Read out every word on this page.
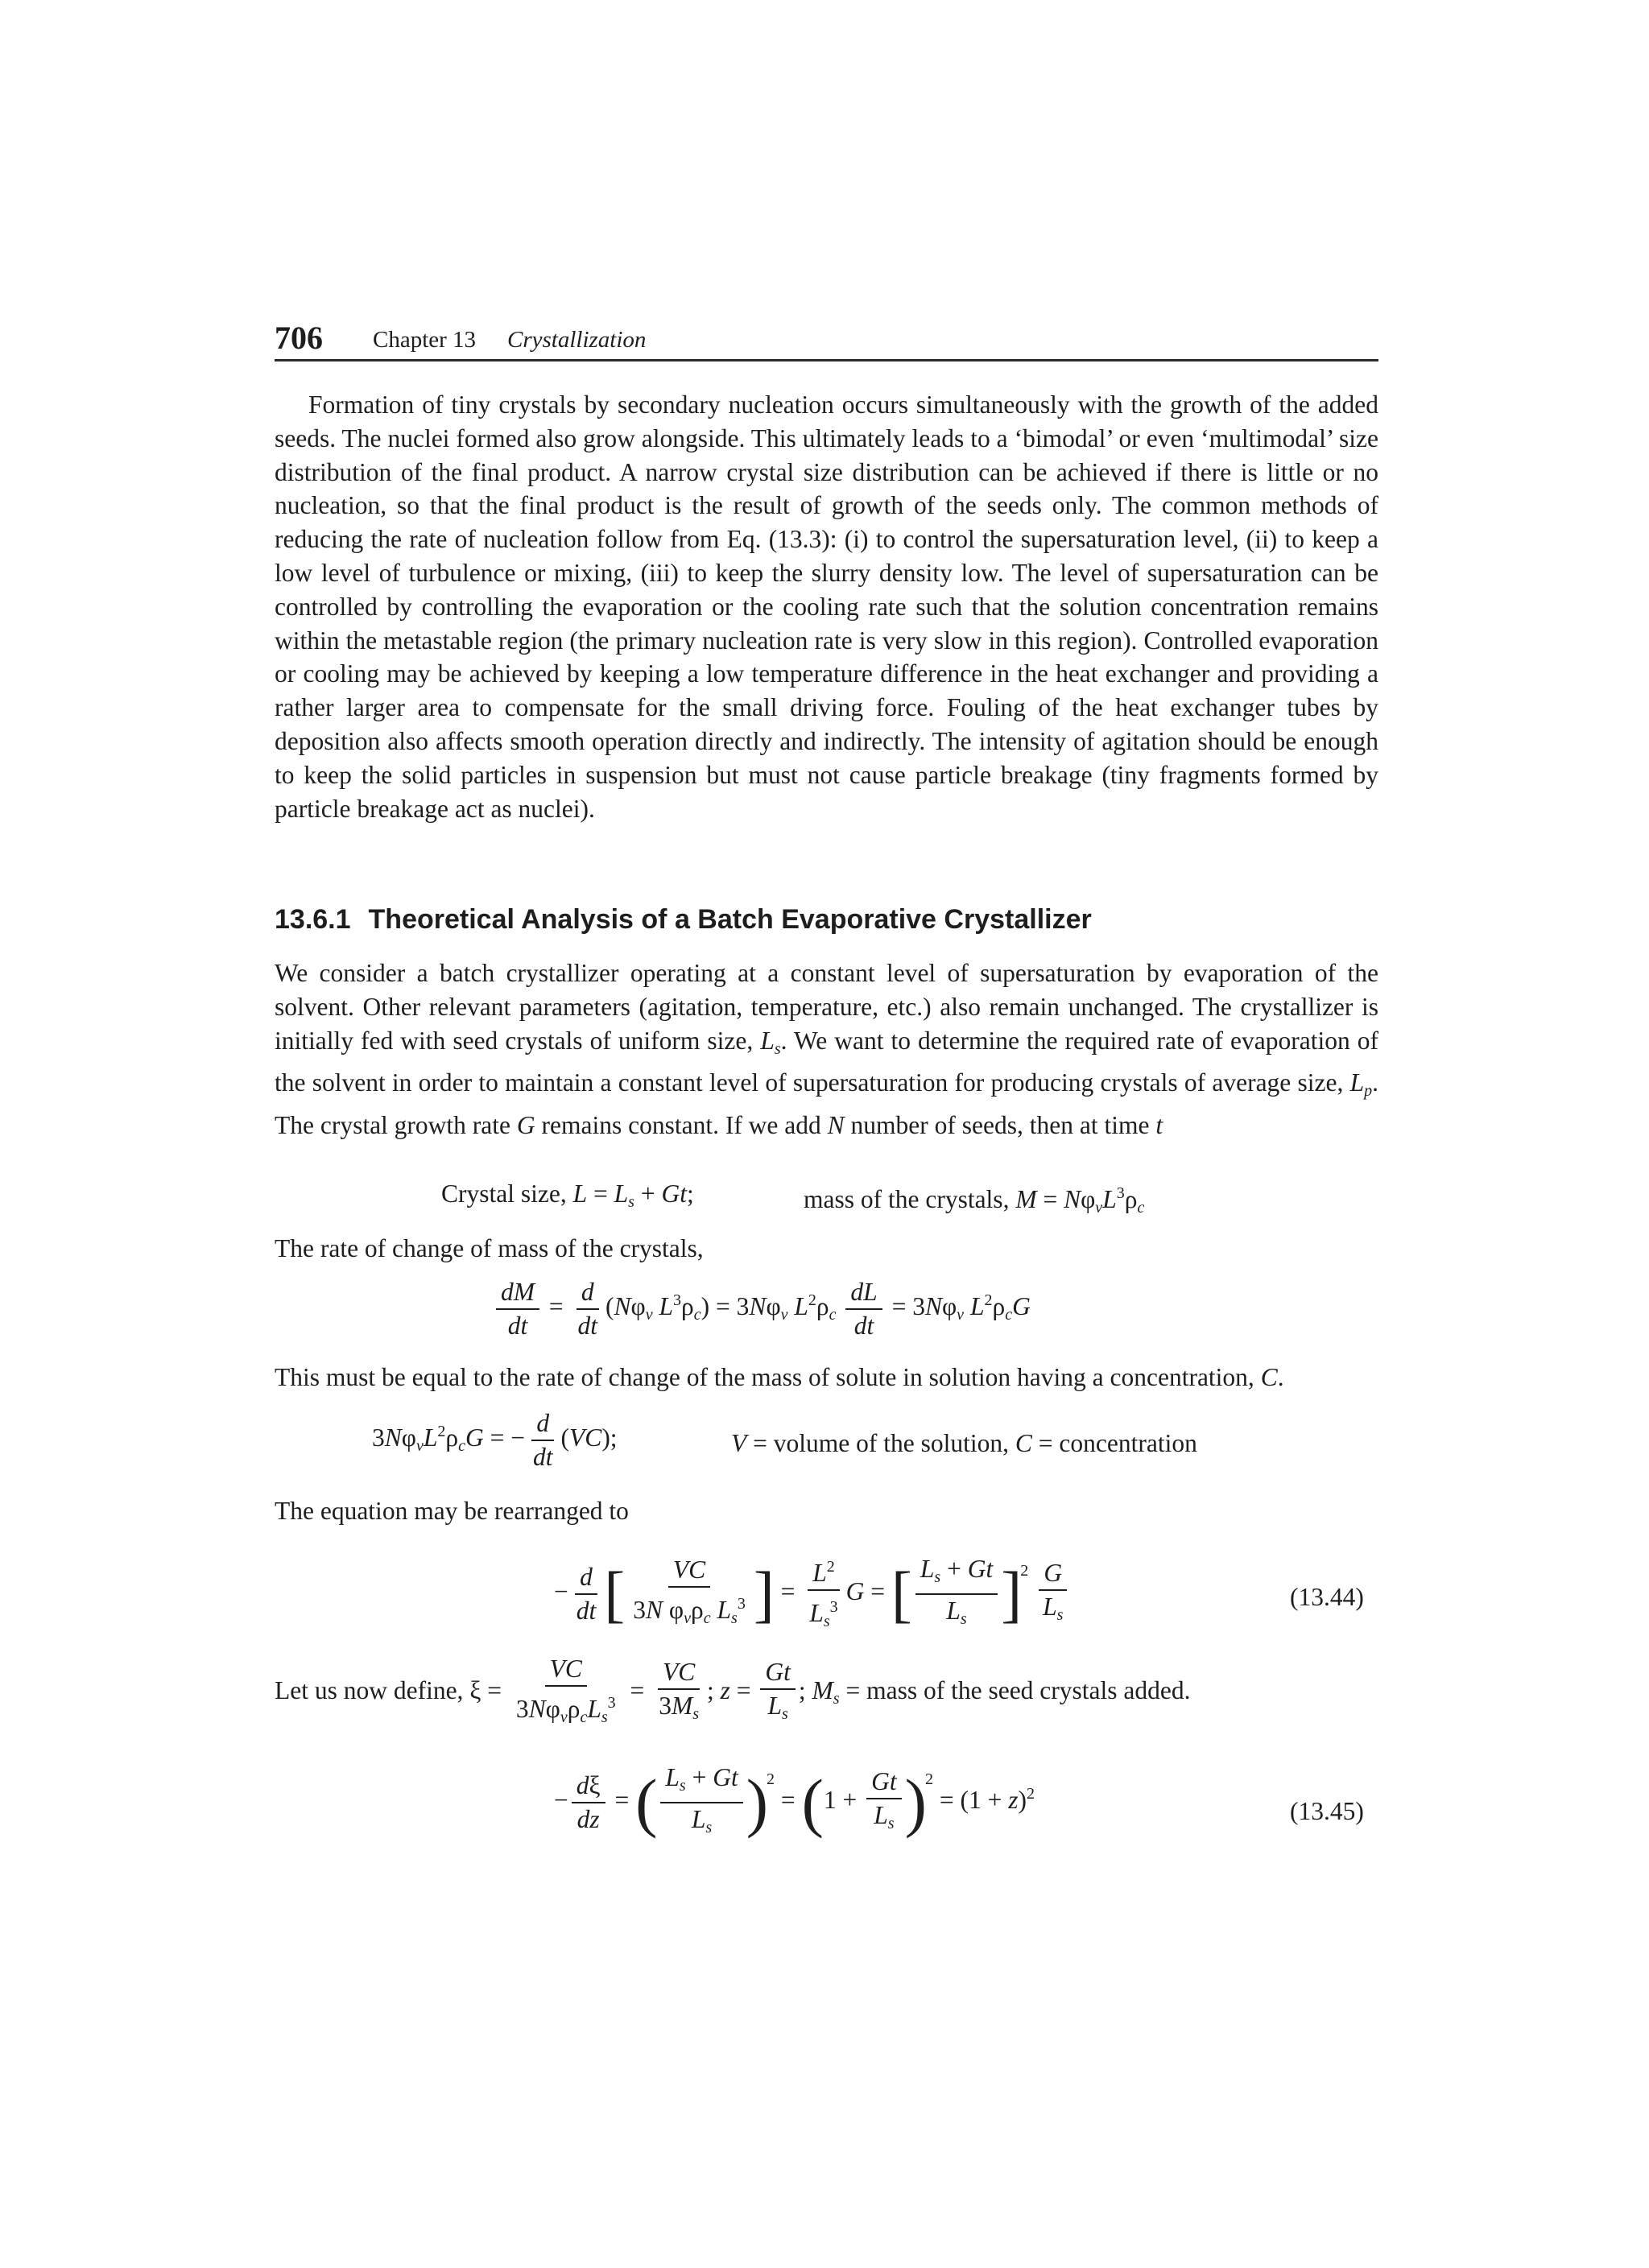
706 Chapter 13 Crystallization

Formation of tiny crystals by secondary nucleation occurs simultaneously with the growth of the added seeds. The nuclei formed also grow alongside. This ultimately leads to a ‘bimodal’ or even ‘multimodal’ size distribution of the final product. A narrow crystal size distribution can be achieved if there is little or no nucleation, so that the final product is the result of growth of the seeds only. The common methods of reducing the rate of nucleation follow from Eq. (13.3): (i) to control the supersaturation level, (ii) to keep a low level of turbulence or mixing, (iii) to keep the slurry density low. The level of supersaturation can be controlled by controlling the evaporation or the cooling rate such that the solution concentration remains within the metastable region (the primary nucleation rate is very slow in this region). Controlled evaporation or cooling may be achieved by keeping a low temperature difference in the heat exchanger and providing a rather larger area to compensate for the small driving force. Fouling of the heat exchanger tubes by deposition also affects smooth operation directly and indirectly. The intensity of agitation should be enough to keep the solid particles in suspension but must not cause particle breakage (tiny fragments formed by particle breakage act as nuclei).

13.6.1 Theoretical Analysis of a Batch Evaporative Crystallizer

We consider a batch crystallizer operating at a constant level of supersaturation by evaporation of the solvent. Other relevant parameters (agitation, temperature, etc.) also remain unchanged. The crystallizer is initially fed with seed crystals of uniform size, $L_s$. We want to determine the required rate of evaporation of the solvent in order to maintain a constant level of supersaturation for producing crystals of average size, $L_p$. The crystal growth rate G remains constant. If we add N number of seeds, then at time t

Crystal size, $L = L_s + Gt$;	mass of the crystals, $M = N\varphi_vL^3\rho_c$
The rate of change of mass of the crystals,
$\frac{dM}{dt} = \frac{d}{dt} (N\varphi_v$ $L^3\rho_c) = 3N\varphi_v$ $L^2\rho_c \frac{dL}{dt} = 3N\varphi_v$ $L^2\rho_cG$
This must be equal to the rate of change of the mass of solute in solution having a concentration, C.
$3N\varphi_vL^2\rho_cG$ = − $\frac{d}{dt} (VC)$;	V = volume of the solution, C = concentration
The equation may be rearranged to
− $\frac{d}{dt}$ [ $\frac{VC}{3N \varphi_v\rho_c L_s^3}$ ] = $\frac{L^2}{L_s^3}$ G = [ $\frac{L_s + Gt}{L_s} ]^2 \frac{G}{L_s}$	(13.44)
Let us now define, $\xi = \frac{VC}{3N\varphi_v\rho_cL_s^3} = \frac{VC}{3M_s}$ ; $z = \frac{Gt}{L_s}$ ; $M_s$ = mass of the seed crystals added.
− $\frac{d\xi}{dz}$ = ( $\frac{L_s + Gt}{L_s} )^2 = (1 + \frac{Gt}{L_s} )^2 = (1 + z)^2$
(13.45)
